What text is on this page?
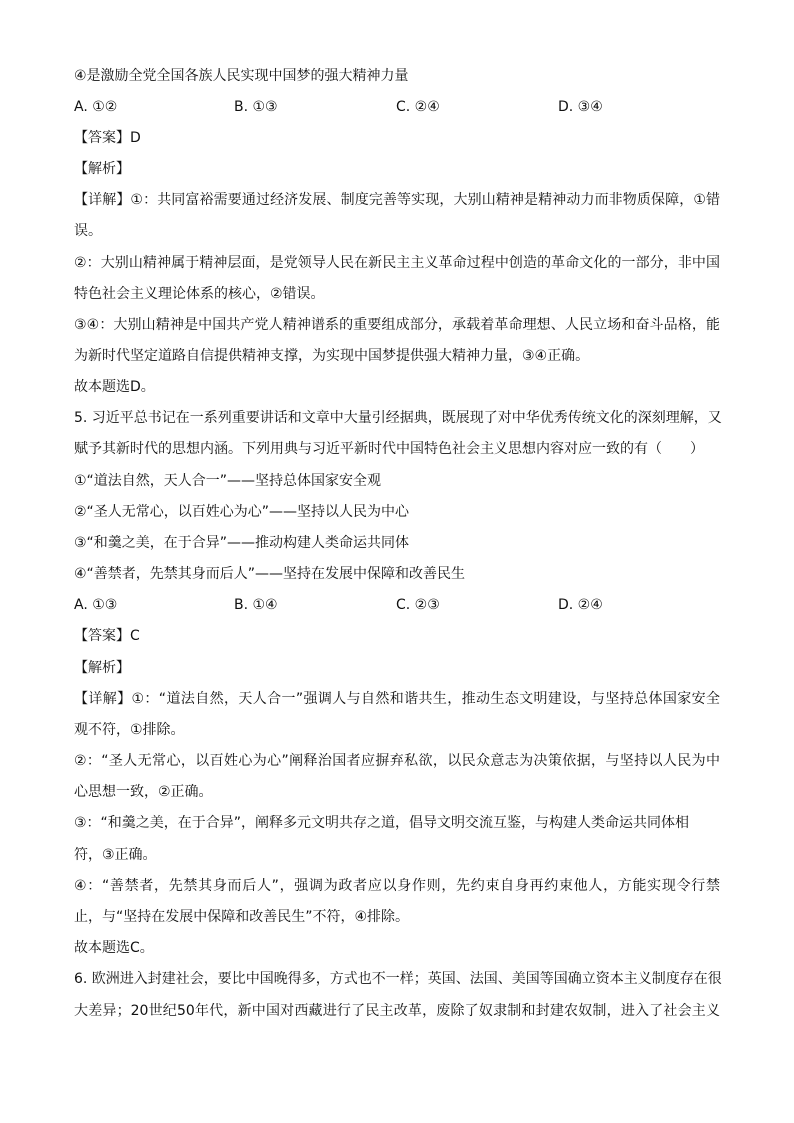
④是激励全党全国各族人民实现中国梦的强大精神力量
A. ①②	B. ①③	C. ②④	D. ③④
【答案】D
【解析】
【详解】①：共同富裕需要通过经济发展、制度完善等实现，大别山精神是精神动力而非物质保障，①错
误。
②：大别山精神属于精神层面，是党领导人民在新民主主义革命过程中创造的革命文化的一部分，非中国
特色社会主义理论体系的核心，②错误。
③④：大别山精神是中国共产党人精神谱系的重要组成部分，承载着革命理想、人民立场和奋斗品格，能
为新时代坚定道路自信提供精神支撑，为实现中国梦提供强大精神力量，③④正确。
故本题选D。
5. 习近平总书记在一系列重要讲话和文章中大量引经据典，既展现了对中华优秀传统文化的深刻理解，又
赋予其新时代的思想内涵。下列用典与习近平新时代中国特色社会主义思想内容对应一致的有（　　）
①“道法自然，天人合一”——坚持总体国家安全观
②“圣人无常心，以百姓心为心”——坚持以人民为中心
③“和羹之美，在于合异”——推动构建人类命运共同体
④“善禁者，先禁其身而后人”——坚持在发展中保障和改善民生
A. ①③	B. ①④	C. ②③	D. ②④
【答案】C
【解析】
【详解】①：“道法自然，天人合一”强调人与自然和谐共生，推动生态文明建设，与坚持总体国家安全
观不符，①排除。
②：“圣人无常心，以百姓心为心”阐释治国者应摒弃私欲，以民众意志为决策依据，与坚持以人民为中
心思想一致，②正确。
③：“和羹之美，在于合异”，阐释多元文明共存之道，倡导文明交流互鉴，与构建人类命运共同体相
符，③正确。
④：“善禁者，先禁其身而后人”，强调为政者应以身作则，先约束自身再约束他人，方能实现令行禁
止，与“坚持在发展中保障和改善民生”不符，④排除。
故本题选C。
6. 欧洲进入封建社会，要比中国晚得多，方式也不一样；英国、法国、美国等国确立资本主义制度存在很
大差异；20世纪50年代，新中国对西藏进行了民主改革，废除了奴隶制和封建农奴制，进入了社会主义
